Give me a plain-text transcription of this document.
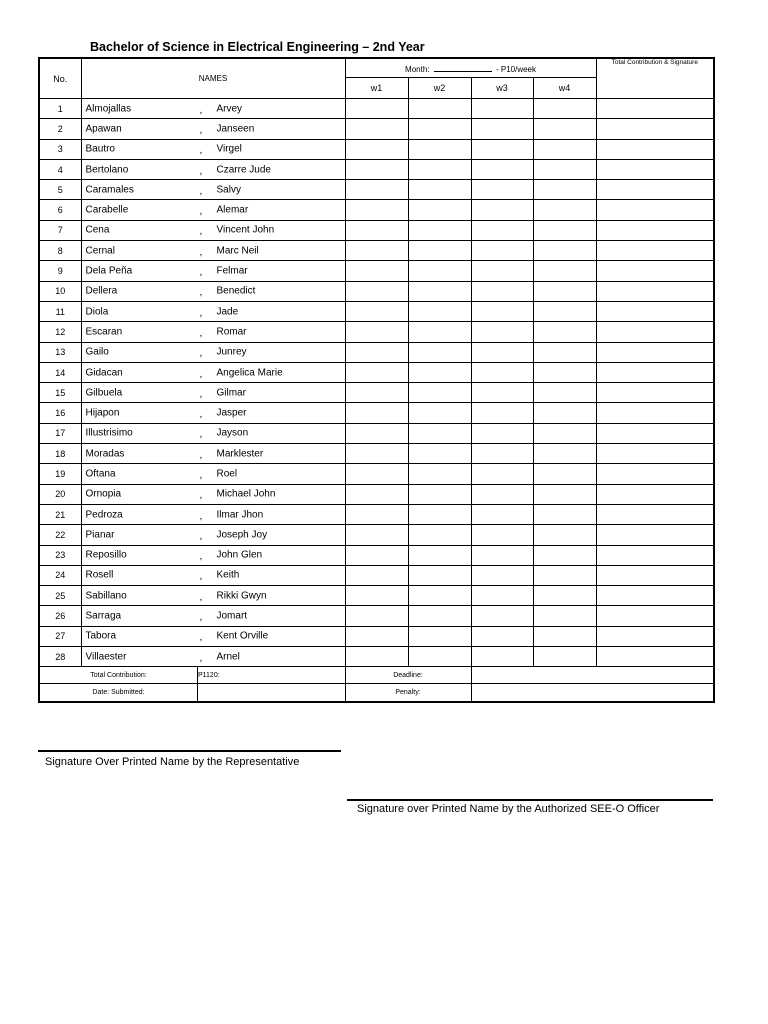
Bachelor of Science in Electrical Engineering – 2nd Year
No.	NAMES	Month: - P10/week				Total Contribution & Signature
		w1	w2	w3	w4	
1	Almojallas , Arvey					

2	Apawan , Janseen					

3	Bautro , Virgel					

4	Bertolano , Czarre Jude					

5	Caramales , Salvy					

6	Carabelle , Alemar					

7	Cena , Vincent John					

8	Cernal , Marc Neil					

9	Dela Peña , Felmar					

10	Dellera , Benedict					

11	Diola , Jade					

12	Escaran , Romar					

13	Gailo , Junrey					

14	Gidacan , Angelica Marie					

15	Gilbuela , Gilmar					

16	Hijapon , Jasper					

17	Illustrisimo , Jayson					

18	Moradas , Marklester					

19	Oftana , Roel					

20	Ornopia , Michael John					

21	Pedroza , Ilmar Jhon					

22	Pianar , Joseph Joy					

23	Reposillo , John Glen					

24	Rosell , Keith					

25	Sabillano , Rikki Gwyn					

26	Sarraga , Jomart					

27	Tabora , Kent Orville					

28	Villaester , Arnel					

Total Contribution: P1120:		Deadline:				

Date: Submitted:		Penalty:				
Signature Over Printed Name by the Representative
Signature over Printed Name by the Authorized SEE-O Officer
